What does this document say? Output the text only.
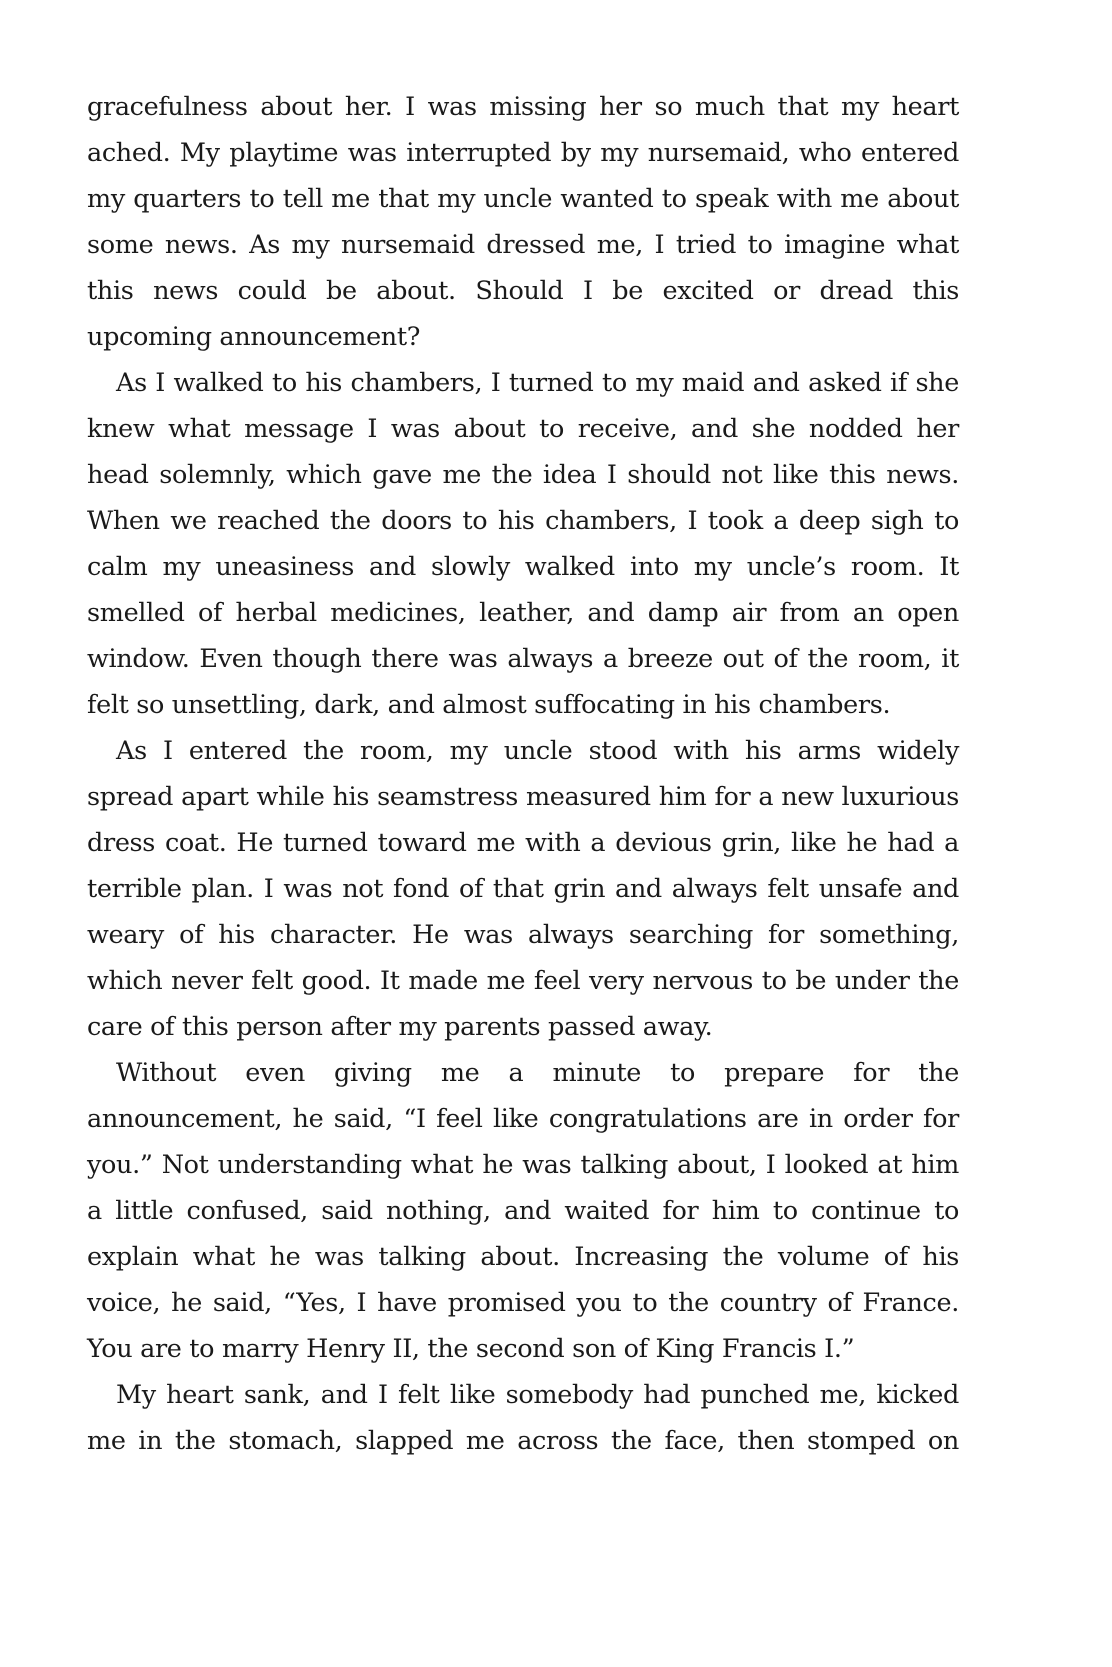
gracefulness about her. I was missing her so much that my heart ached. My playtime was interrupted by my nursemaid, who entered my quarters to tell me that my uncle wanted to speak with me about some news. As my nursemaid dressed me, I tried to imagine what this news could be about. Should I be excited or dread this upcoming announcement?

As I walked to his chambers, I turned to my maid and asked if she knew what message I was about to receive, and she nodded her head solemnly, which gave me the idea I should not like this news. When we reached the doors to his chambers, I took a deep sigh to calm my uneasiness and slowly walked into my uncle’s room. It smelled of herbal medicines, leather, and damp air from an open window. Even though there was always a breeze out of the room, it felt so unsettling, dark, and almost suffocating in his chambers.

As I entered the room, my uncle stood with his arms widely spread apart while his seamstress measured him for a new luxurious dress coat. He turned toward me with a devious grin, like he had a terrible plan. I was not fond of that grin and always felt unsafe and weary of his character. He was always searching for something, which never felt good. It made me feel very nervous to be under the care of this person after my parents passed away.

Without even giving me a minute to prepare for the announcement, he said, “I feel like congratulations are in order for you.” Not understanding what he was talking about, I looked at him a little confused, said nothing, and waited for him to continue to explain what he was talking about. Increasing the volume of his voice, he said, “Yes, I have promised you to the country of France. You are to marry Henry II, the second son of King Francis I.”

My heart sank, and I felt like somebody had punched me, kicked me in the stomach, slapped me across the face, then stomped on
